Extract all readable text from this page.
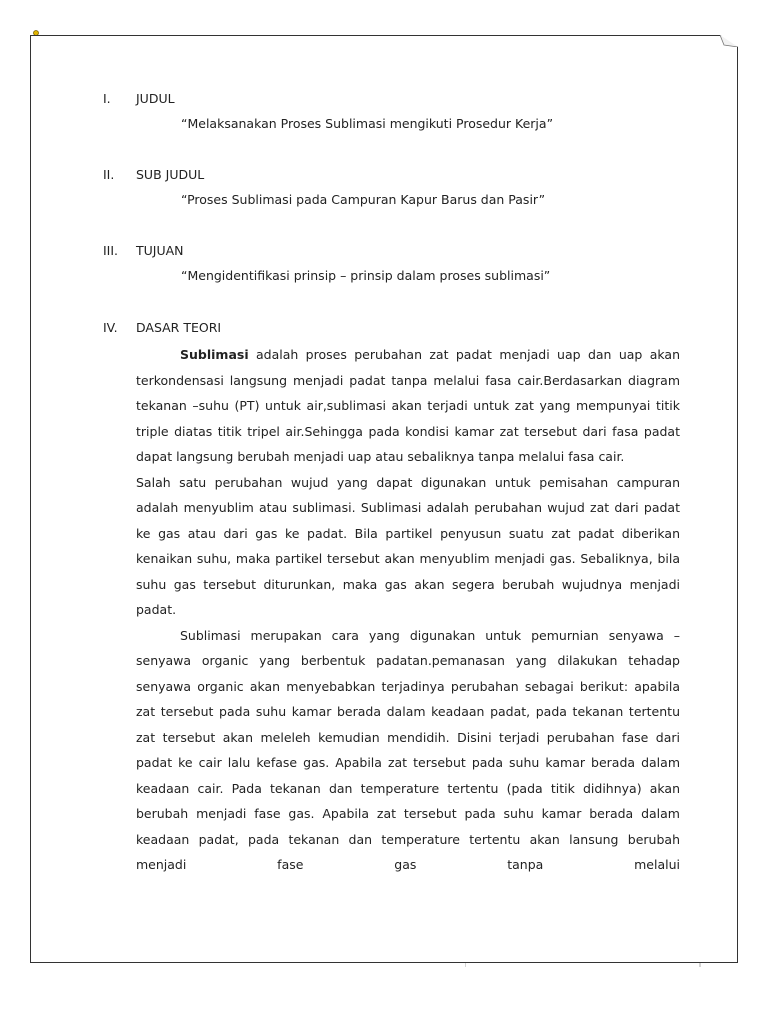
I.	JUDUL
“Melaksanakan Proses Sublimasi mengikuti Prosedur Kerja”
II.	SUB JUDUL
“Proses Sublimasi pada Campuran Kapur Barus dan Pasir”
III.	TUJUAN
“Mengidentifikasi prinsip – prinsip dalam proses sublimasi”
IV.	DASAR TEORI

Sublimasi adalah proses perubahan zat padat menjadi uap dan uap akan terkondensasi langsung menjadi padat tanpa melalui fasa cair.Berdasarkan diagram tekanan –suhu (PT) untuk air,sublimasi akan terjadi untuk zat yang mempunyai titik triple diatas titik tripel air.Sehingga pada kondisi kamar zat tersebut dari fasa padat dapat langsung berubah menjadi uap atau sebaliknya tanpa melalui fasa cair.

Salah satu perubahan wujud yang dapat digunakan untuk pemisahan campuran adalah menyublim atau sublimasi. Sublimasi adalah perubahan wujud zat dari padat ke gas atau dari gas ke padat. Bila partikel penyusun suatu zat padat diberikan kenaikan suhu, maka partikel tersebut akan menyublim menjadi gas. Sebaliknya, bila suhu gas tersebut diturunkan, maka gas akan segera berubah wujudnya menjadi padat.

Sublimasi merupakan cara yang digunakan untuk pemurnian senyawa – senyawa organic yang berbentuk padatan.pemanasan yang dilakukan tehadap senyawa organic akan menyebabkan terjadinya perubahan sebagai berikut: apabila zat tersebut pada suhu kamar berada dalam keadaan padat, pada tekanan tertentu zat tersebut akan meleleh kemudian mendidih. Disini terjadi perubahan fase dari padat ke cair lalu kefase gas. Apabila zat tersebut pada suhu kamar berada dalam keadaan cair. Pada tekanan dan temperature tertentu (pada titik didihnya) akan berubah menjadi fase gas. Apabila zat tersebut pada suhu kamar berada dalam keadaan padat, pada tekanan dan temperature tertentu akan lansung berubah menjadi fase gas tanpa melalui
